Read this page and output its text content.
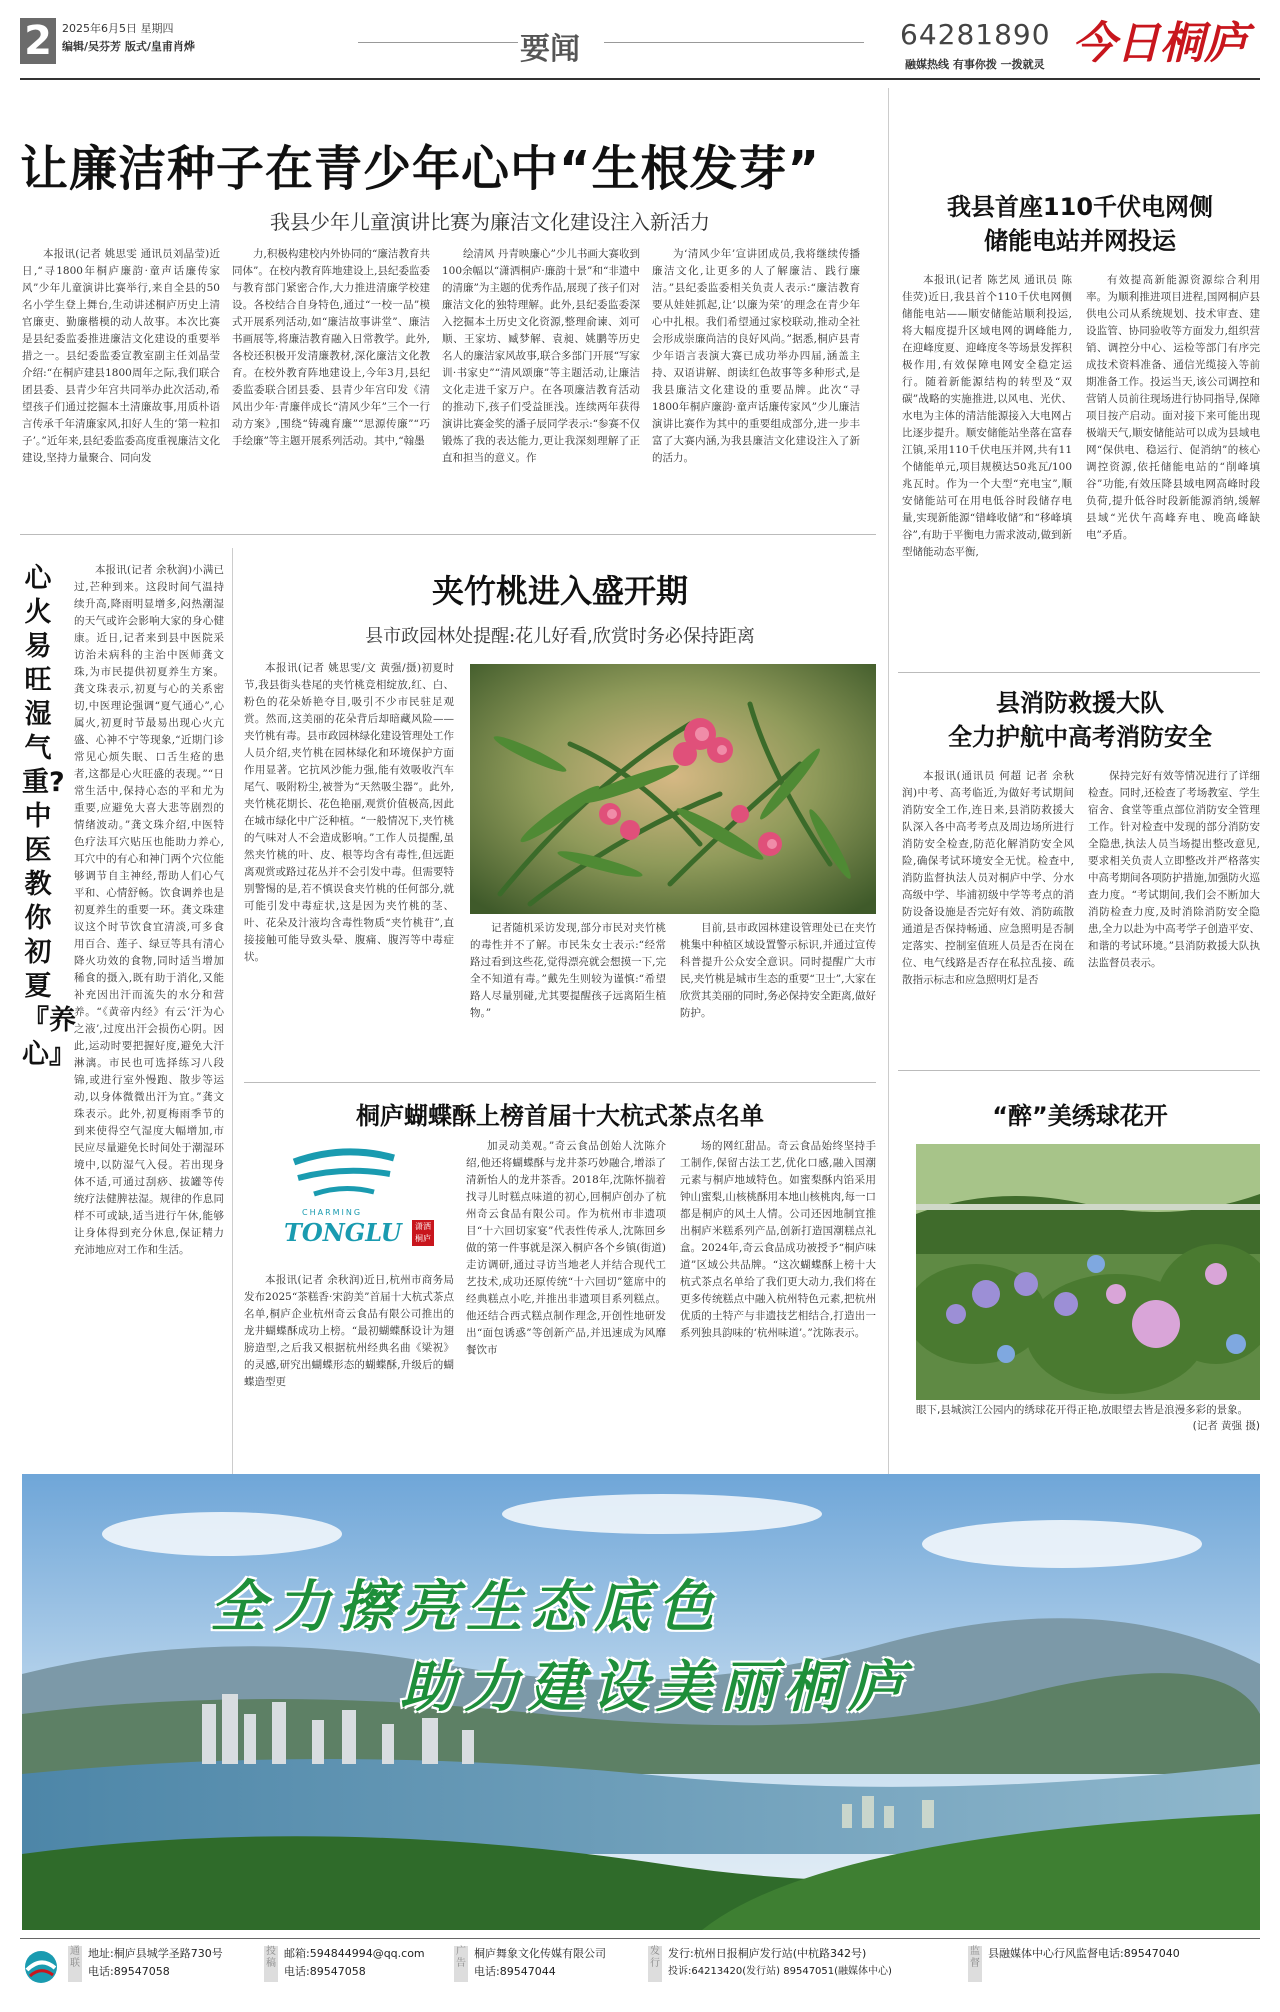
2 2025年6月5日 星期四
编辑/吴芬芳 版式/皇甫肖烨	要闻	64281890
融媒热线 有事你拨 一拨就灵 今日桐庐
让廉洁种子在青少年心中“生根发芽”
我县少年儿童演讲比赛为廉洁文化建设注入新活力

本报讯(记者 姚思雯 通讯员刘晶莹)近日,“寻1800年桐庐廉韵·童声话廉传家风”少年儿童演讲比赛举行,来自全县的50名小学生登上舞台,生动讲述桐庐历史上清官廉吏、勤廉楷模的动人故事。本次比赛是县纪委监委推进廉洁文化建设的重要举措之一。县纪委监委宣教室副主任刘晶莹介绍:“在桐庐建县1800周年之际,我们联合团县委、县青少年宫共同举办此次活动,希望孩子们通过挖掘本土清廉故事,用质朴语言传承千年清廉家风,扣好人生的‘第一粒扣子’。”近年来,县纪委监委高度重视廉洁文化建设,坚持力量聚合、同向发

力,积极构建校内外协同的“廉洁教育共同体”。在校内教育阵地建设上,县纪委监委与教育部门紧密合作,大力推进清廉学校建设。各校结合自身特色,通过“一校一品”模式开展系列活动,如“廉洁故事讲堂”、廉洁书画展等,将廉洁教育融入日常教学。此外,各校还积极开发清廉教材,深化廉洁文化教育。在校外教育阵地建设上,今年3月,县纪委监委联合团县委、县青少年宫印发《清风出少年·青廉伴成长“清风少年”三个一行动方案》,围绕“铸魂育廉”“思源传廉”“巧手绘廉”等主题开展系列活动。其中,“翰墨

绘清风 丹青映廉心”少儿书画大赛收到100余幅以“潇洒桐庐·廉韵十景”和“非遗中的清廉”为主题的优秀作品,展现了孩子们对廉洁文化的独特理解。此外,县纪委监委深入挖掘本土历史文化资源,整理俞谏、刘可顺、王家坊、臧梦解、袁昶、姚鹏等历史名人的廉洁家风故事,联合多部门开展“写家训·书家史”“清风颂廉”等主题活动,让廉洁文化走进千家万户。在各项廉洁教育活动的推动下,孩子们受益匪浅。连续两年获得演讲比赛金奖的潘子辰同学表示:“参赛不仅锻炼了我的表达能力,更让我深刻理解了正直和担当的意义。作

为‘清风少年’宣讲团成员,我将继续传播廉洁文化,让更多的人了解廉洁、践行廉洁。”县纪委监委相关负责人表示:“廉洁教育要从娃娃抓起,让‘以廉为荣’的理念在青少年心中扎根。我们希望通过家校联动,推动全社会形成崇廉尚洁的良好风尚。”据悉,桐庐县青少年语言表演大赛已成功举办四届,涵盖主持、双语讲解、朗读红色故事等多种形式,是我县廉洁文化建设的重要品牌。此次“寻1800年桐庐廉韵·童声话廉传家风”少儿廉洁演讲比赛作为其中的重要组成部分,进一步丰富了大赛内涵,为我县廉洁文化建设注入了新的活力。

我县首座110千伏电网侧
储能电站并网投运

本报讯(记者 陈艺凤 通讯员 陈佳荧)近日,我县首个110千伏电网侧储能电站——顺安储能站顺利投运,将大幅度提升区域电网的调峰能力,在迎峰度夏、迎峰度冬等场景发挥积极作用,有效保障电网安全稳定运行。随着新能源结构的转型及“双碳”战略的实施推进,以风电、光伏、水电为主体的清洁能源接入大电网占比逐步提升。顺安储能站坐落在富春江镇,采用110千伏电压并网,共有11个储能单元,项目规模达50兆瓦/100兆瓦时。作为一个大型“充电宝”,顺安储能站可在用电低谷时段储存电量,实现新能源“错峰收储”和“移峰填谷”,有助于平衡电力需求波动,做到新型储能动态平衡,

有效提高新能源资源综合利用率。为顺利推进项目进程,国网桐庐县供电公司从系统规划、技术审查、建设监管、协同验收等方面发力,组织营销、调控分中心、运检等部门有序完成技术资料准备、通信光缆接入等前期准备工作。投运当天,该公司调控和营销人员前往现场进行协同指导,保障项目按产启动。面对接下来可能出现极端天气,顺安储能站可以成为县域电网“保供电、稳运行、促消纳”的核心调控资源,依托储能电站的“削峰填谷”功能,有效压降县域电网高峰时段负荷,提升低谷时段新能源消纳,缓解县域“光伏午高峰弃电、晚高峰缺电”矛盾。

县消防救援大队
全力护航中高考消防安全

本报讯(通讯员 何超 记者 余秋润)中考、高考临近,为做好考试期间消防安全工作,连日来,县消防救援大队深入各中高考考点及周边场所进行消防安全检查,防范化解消防安全风险,确保考试环境安全无忧。检查中,消防监督执法人员对桐庐中学、分水高级中学、毕浦初级中学等考点的消防设备设施是否完好有效、消防疏散通道是否保持畅通、应急照明是否制定落实、控制室值班人员是否在岗在位、电气线路是否存在私拉乱接、疏散指示标志和应急照明灯是否

保持完好有效等情况进行了详细检查。同时,还检查了考场教室、学生宿舍、食堂等重点部位消防安全管理工作。针对检查中发现的部分消防安全隐患,执法人员当场提出整改意见,要求相关负责人立即整改并严格落实中高考期间各项防护措施,加强防火巡查力度。“考试期间,我们会不断加大消防检查力度,及时消除消防安全隐患,全力以赴为中高考学子创造平安、和谐的考试环境。”县消防救援大队执法监督员表示。

心火易旺湿气重?中医教你初夏『养心』

本报讯(记者 余秋润)小满已过,芒种到来。这段时间气温持续升高,降雨明显增多,闷热潮湿的天气或许会影响大家的身心健康。近日,记者来到县中医院采访治未病科的主治中医师龚文珠,为市民提供初夏养生方案。龚文珠表示,初夏与心的关系密切,中医理论强调“夏气通心”,心属火,初夏时节最易出现心火亢盛、心神不宁等现象,“近期门诊常见心烦失眠、口舌生疮的患者,这都是心火旺盛的表现。”“日常生活中,保持心态的平和尤为重要,应避免大喜大悲等剧烈的情绪波动。”龚文珠介绍,中医特色疗法耳穴贴压也能助力养心,耳穴中的有心和神门两个穴位能够调节自主神经,帮助人们心气平和、心情舒畅。饮食调养也是初夏养生的重要一环。龚文珠建议这个时节饮食宜清淡,可多食用百合、莲子、绿豆等具有清心降火功效的食物,同时适当增加稀食的摄入,既有助于消化,又能补充因出汗而流失的水分和营养。“《黄帝内经》有云‘汗为心之液’,过度出汗会损伤心阴。因此,运动时要把握好度,避免大汗淋漓。市民也可选择练习八段锦,或进行室外慢跑、散步等运动,以身体微微出汗为宜。”龚文珠表示。此外,初夏梅雨季节的到来使得空气湿度大幅增加,市民应尽量避免长时间处于潮湿环境中,以防湿气入侵。若出现身体不适,可通过刮痧、拔罐等传统疗法健脾祛湿。规律的作息同样不可或缺,适当进行午休,能够让身体得到充分休息,保证精力充沛地应对工作和生活。

夹竹桃进入盛开期
县市政园林处提醒:花儿好看,欣赏时务必保持距离

本报讯(记者 姚思雯/文 黄强/摄)初夏时节,我县街头巷尾的夹竹桃竞相绽放,红、白、粉色的花朵娇艳夺目,吸引不少市民驻足观赏。然而,这美丽的花朵背后却暗藏风险——夹竹桃有毒。县市政园林绿化建设管理处工作人员介绍,夹竹桃在园林绿化和环境保护方面作用显著。它抗风沙能力强,能有效吸收汽车尾气、吸附粉尘,被誉为“天然吸尘器”。此外,夹竹桃花期长、花色艳丽,观赏价值极高,因此在城市绿化中广泛种植。“一般情况下,夹竹桃的气味对人不会造成影响。”工作人员提醒,虽然夹竹桃的叶、皮、根等均含有毒性,但远距离观赏或路过花丛并不会引发中毒。但需要特别警惕的是,若不慎误食夹竹桃的任何部分,就可能引发中毒症状,这是因为夹竹桃的茎、叶、花朵及汁液均含毒性物质“夹竹桃苷”,直接接触可能导致头晕、腹痛、腹泻等中毒症状。

记者随机采访发现,部分市民对夹竹桃的毒性并不了解。市民朱女士表示:“经常路过看到这些花,觉得漂亮就会想摸一下,完全不知道有毒。”戴先生则较为谨慎:“希望路人尽量别碰,尤其要提醒孩子远离陌生植物。”

目前,县市政园林建设管理处已在夹竹桃集中种植区域设置警示标识,并通过宣传科普提升公众安全意识。同时提醒广大市民,夹竹桃是城市生态的重要“卫士”,大家在欣赏其美丽的同时,务必保持安全距离,做好防护。

桐庐蝴蝶酥上榜首届十大杭式茶点名单
CHARMING
TONGLU	潇洒桐庐

本报讯(记者 余秋润)近日,杭州市商务局发布2025“茶糕香·宋韵美”首届十大杭式茶点名单,桐庐企业杭州奇云食品有限公司推出的龙井蝴蝶酥成功上榜。“最初蝴蝶酥设计为翅膀造型,之后我又根据杭州经典名曲《梁祝》的灵感,研究出蝴蝶形态的蝴蝶酥,升级后的蝴蝶造型更

加灵动美观。”奇云食品创始人沈陈介绍,他还将蝴蝶酥与龙井茶巧妙融合,增添了清新怡人的龙井茶香。2018年,沈陈怀揣着找寻儿时糕点味道的初心,回桐庐创办了杭州奇云食品有限公司。作为杭州市非遗项目“十六回切家宴”代表性传承人,沈陈回乡做的第一件事就是深入桐庐各个乡镇(街道)走访调研,通过寻访当地老人并结合现代工艺技术,成功还原传统“十六回切”筵席中的经典糕点小吃,并推出非遗项目系列糕点。他还结合西式糕点制作理念,开创性地研发出“面包诱惑”等创新产品,并迅速成为风靡餐饮市

场的网红甜品。奇云食品始终坚持手工制作,保留古法工艺,优化口感,融入国潮元素与桐庐地域特色。如蜜梨酥内馅采用钟山蜜梨,山核桃酥用本地山核桃肉,每一口都是桐庐的风土人情。公司还因地制宜推出桐庐米糕系列产品,创新打造国潮糕点礼盒。2024年,奇云食品成功被授予“桐庐味道”区域公共品牌。“这次蝴蝶酥上榜十大杭式茶点名单给了我们更大动力,我们将在更多传统糕点中融入杭州特色元素,把杭州优质的土特产与非遗技艺相结合,打造出一系列独具韵味的‘杭州味道’。”沈陈表示。

“醉”美绣球花开
眼下,县城滨江公园内的绣球花开得正艳,放眼望去皆是浪漫多彩的景象。
(记者 黄强 摄)
全力擦亮生态底色
助力建设美丽桐庐
通联
地址:桐庐县城学圣路730号
电话:89547058
投稿
邮箱:594844994@qq.com
电话:89547058
广告
桐庐舞象文化传媒有限公司
电话:89547044
发行
发行:杭州日报桐庐发行站(中杭路342号)
投诉:64213420(发行站) 89547051(融媒体中心)
监督
县融媒体中心行风监督电话:89547040
